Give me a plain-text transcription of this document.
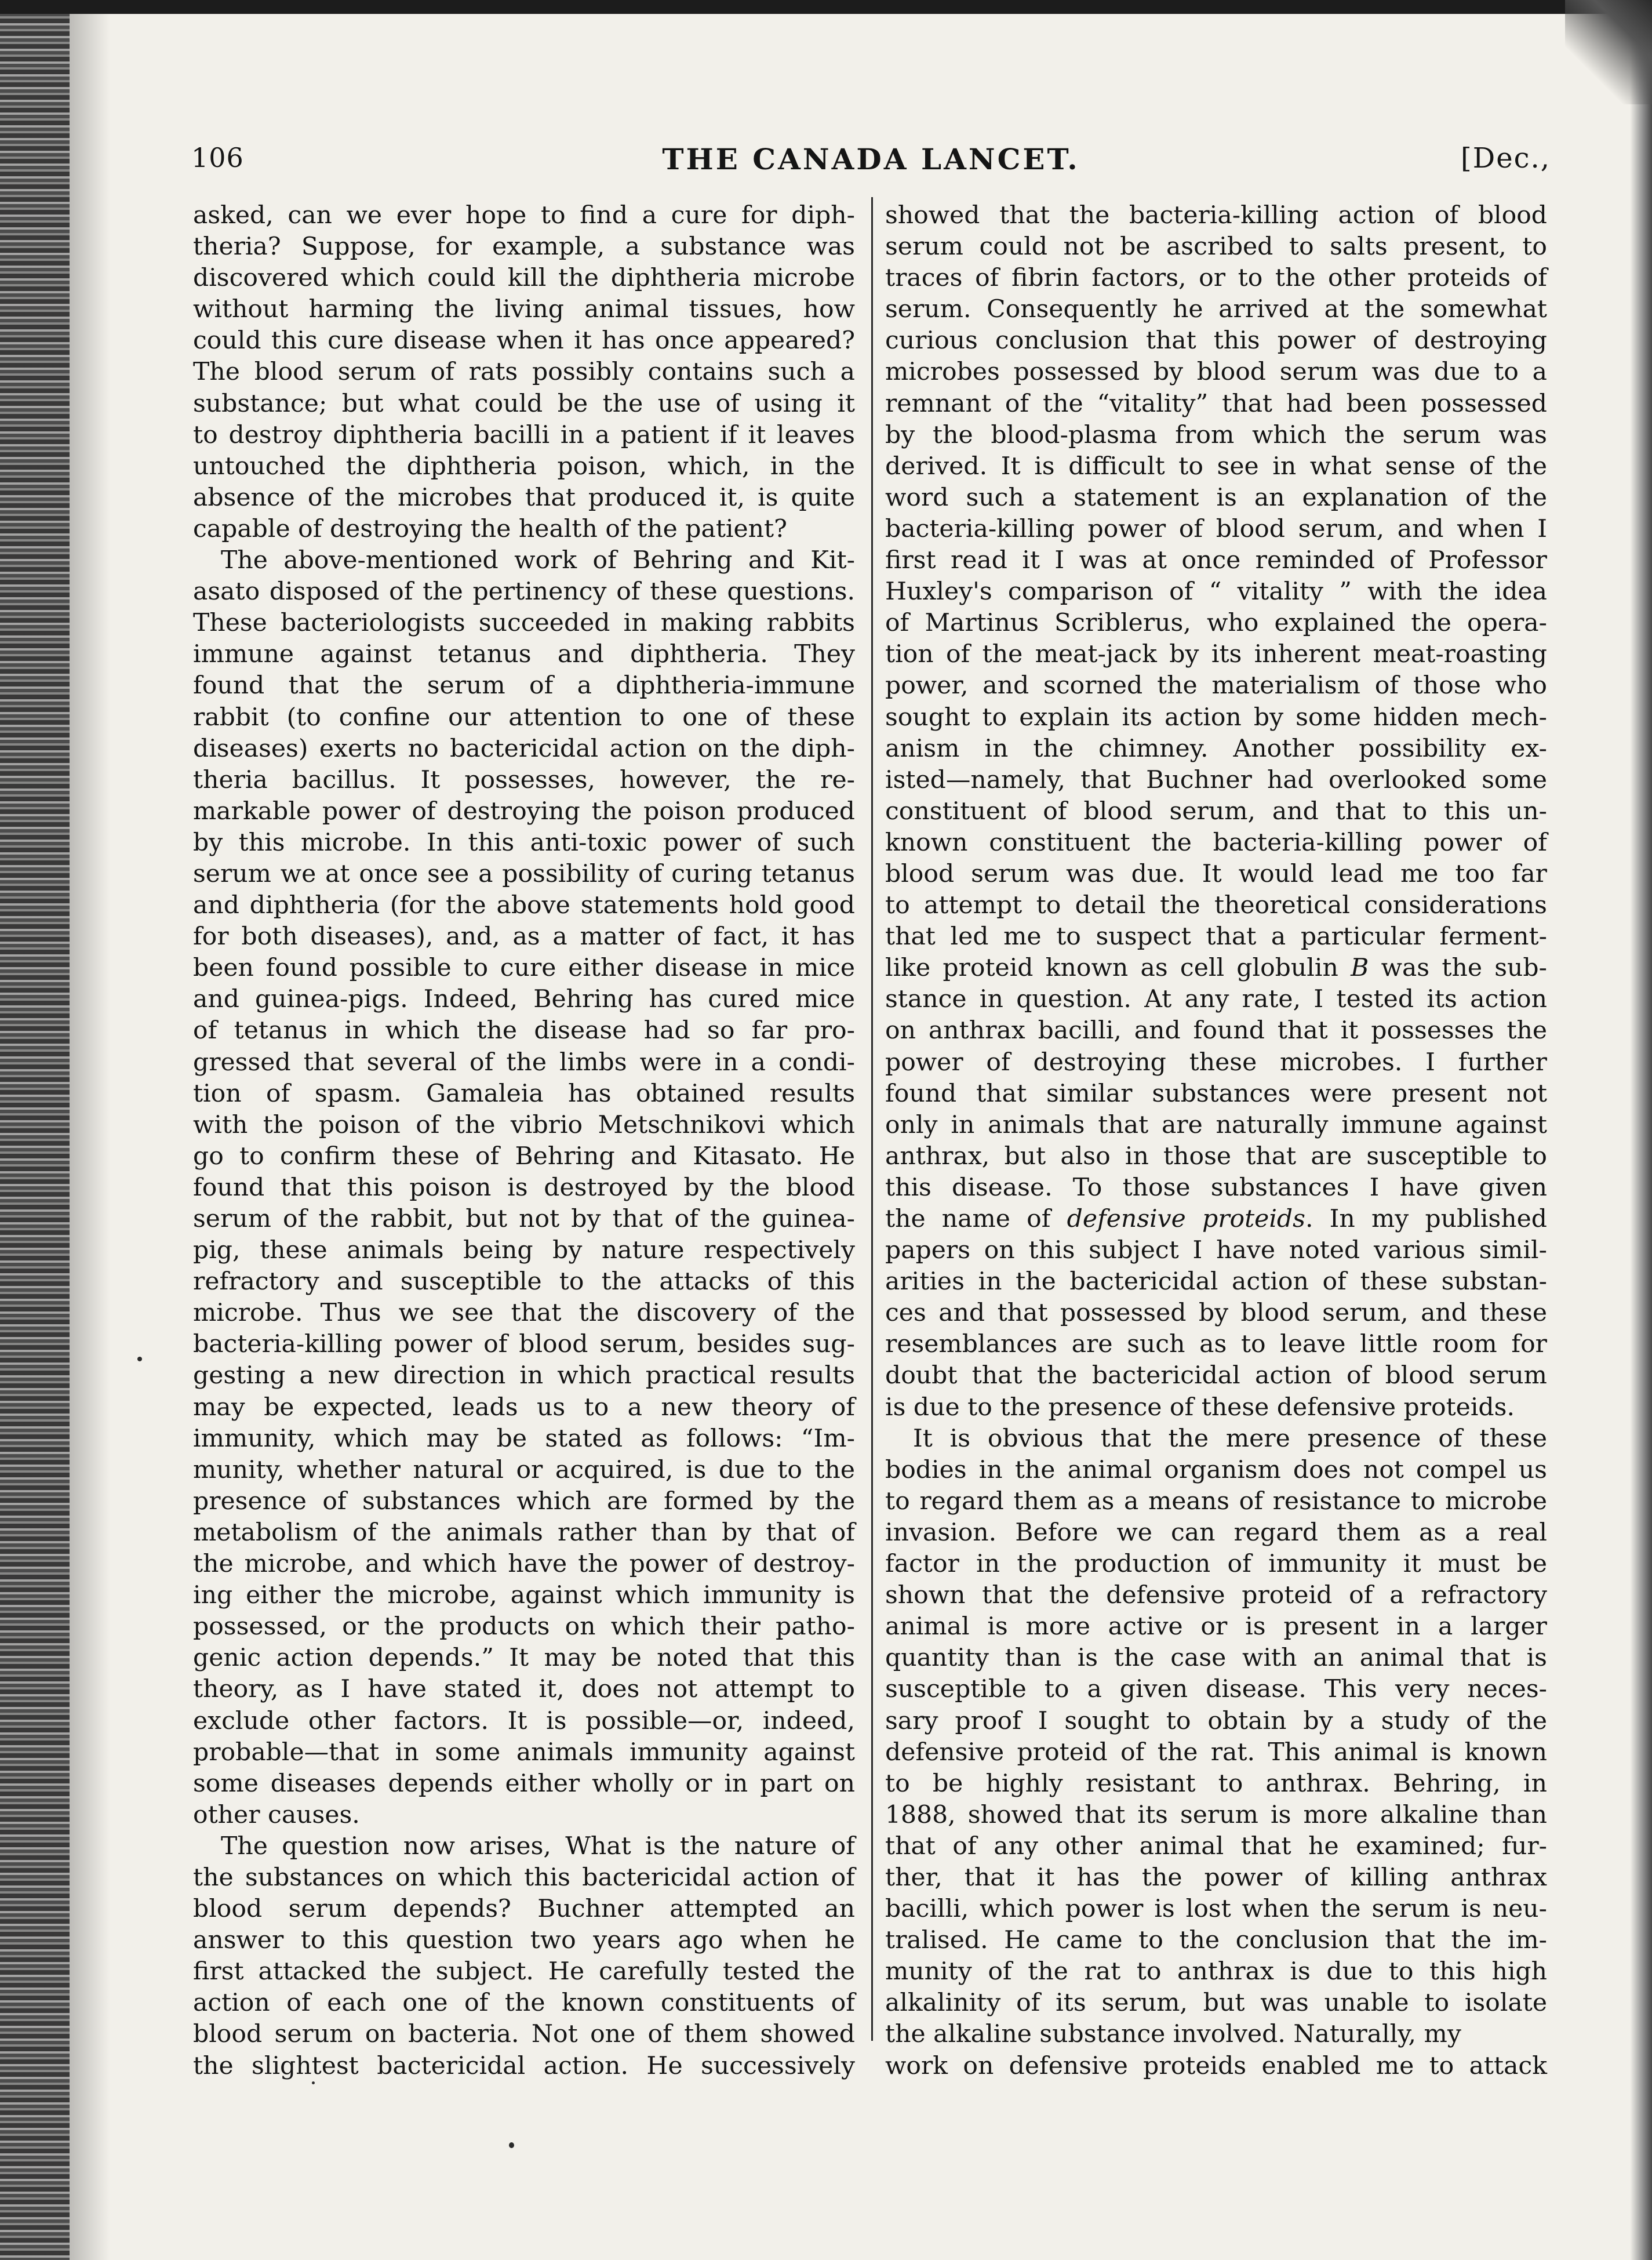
106	THE CANADA LANCET.	[Dec.,
asked, can we ever hope to find a cure for diph-
theria? Suppose, for example, a substance was
discovered which could kill the diphtheria microbe
without harming the living animal tissues, how
could this cure disease when it has once appeared?
The blood serum of rats possibly contains such a
substance; but what could be the use of using it
to destroy diphtheria bacilli in a patient if it leaves
untouched the diphtheria poison, which, in the
absence of the microbes that produced it, is quite
capable of destroying the health of the patient?
The above-mentioned work of Behring and Kit-
asato disposed of the pertinency of these questions.
These bacteriologists succeeded in making rabbits
immune against tetanus and diphtheria. They
found that the serum of a diphtheria-immune
rabbit (to confine our attention to one of these
diseases) exerts no bactericidal action on the diph-
theria bacillus. It possesses, however, the re-
markable power of destroying the poison produced
by this microbe. In this anti-toxic power of such
serum we at once see a possibility of curing tetanus
and diphtheria (for the above statements hold good
for both diseases), and, as a matter of fact, it has
been found possible to cure either disease in mice
and guinea-pigs. Indeed, Behring has cured mice
of tetanus in which the disease had so far pro-
gressed that several of the limbs were in a condi-
tion of spasm. Gamaleia has obtained results
with the poison of the vibrio Metschnikovi which
go to confirm these of Behring and Kitasato. He
found that this poison is destroyed by the blood
serum of the rabbit, but not by that of the guinea-
pig, these animals being by nature respectively
refractory and susceptible to the attacks of this
microbe. Thus we see that the discovery of the
bacteria-killing power of blood serum, besides sug-
gesting a new direction in which practical results
may be expected, leads us to a new theory of
immunity, which may be stated as follows: “Im-
munity, whether natural or acquired, is due to the
presence of substances which are formed by the
metabolism of the animals rather than by that of
the microbe, and which have the power of destroy-
ing either the microbe, against which immunity is
possessed, or the products on which their patho-
genic action depends.” It may be noted that this
theory, as I have stated it, does not attempt to
exclude other factors. It is possible—or, indeed,
probable—that in some animals immunity against
some diseases depends either wholly or in part on
other causes.
The question now arises, What is the nature of
the substances on which this bactericidal action of
blood serum depends? Buchner attempted an
answer to this question two years ago when he
first attacked the subject. He carefully tested the
action of each one of the known constituents of
blood serum on bacteria. Not one of them showed
the slightest bactericidal action. He successively
showed that the bacteria-killing action of blood
serum could not be ascribed to salts present, to
traces of fibrin factors, or to the other proteids of
serum. Consequently he arrived at the somewhat
curious conclusion that this power of destroying
microbes possessed by blood serum was due to a
remnant of the “vitality” that had been possessed
by the blood-plasma from which the serum was
derived. It is difficult to see in what sense of the
word such a statement is an explanation of the
bacteria-killing power of blood serum, and when I
first read it I was at once reminded of Professor
Huxley's comparison of “ vitality ” with the idea
of Martinus Scriblerus, who explained the opera-
tion of the meat-jack by its inherent meat-roasting
power, and scorned the materialism of those who
sought to explain its action by some hidden mech-
anism in the chimney. Another possibility ex-
isted—namely, that Buchner had overlooked some
constituent of blood serum, and that to this un-
known constituent the bacteria-killing power of
blood serum was due. It would lead me too far
to attempt to detail the theoretical considerations
that led me to suspect that a particular ferment-
like proteid known as cell globulin B was the sub-
stance in question. At any rate, I tested its action
on anthrax bacilli, and found that it possesses the
power of destroying these microbes. I further
found that similar substances were present not
only in animals that are naturally immune against
anthrax, but also in those that are susceptible to
this disease. To those substances I have given
the name of defensive proteids. In my published
papers on this subject I have noted various simil-
arities in the bactericidal action of these substan-
ces and that possessed by blood serum, and these
resemblances are such as to leave little room for
doubt that the bactericidal action of blood serum
is due to the presence of these defensive proteids.
It is obvious that the mere presence of these
bodies in the animal organism does not compel us
to regard them as a means of resistance to microbe
invasion. Before we can regard them as a real
factor in the production of immunity it must be
shown that the defensive proteid of a refractory
animal is more active or is present in a larger
quantity than is the case with an animal that is
susceptible to a given disease. This very neces-
sary proof I sought to obtain by a study of the
defensive proteid of the rat. This animal is known
to be highly resistant to anthrax. Behring, in
1888, showed that its serum is more alkaline than
that of any other animal that he examined; fur-
ther, that it has the power of killing anthrax
bacilli, which power is lost when the serum is neu-
tralised. He came to the conclusion that the im-
munity of the rat to anthrax is due to this high
alkalinity of its serum, but was unable to isolate
the alkaline substance involved. Naturally, my
work on defensive proteids enabled me to attack
